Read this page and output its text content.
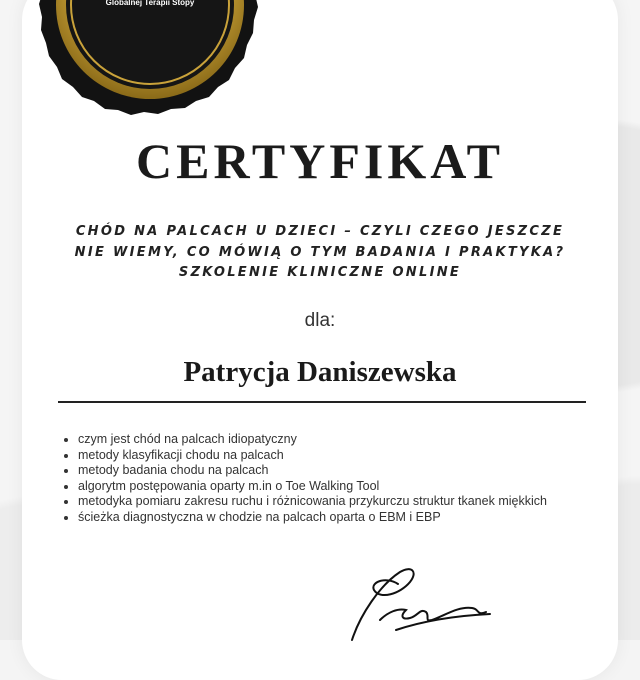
Globalnej Terapii Stopy
CERTYFIKAT
CHÓD NA PALCACH U DZIECI – CZYLI CZEGO JESZCZE
NIE WIEMY, CO MÓWIĄ O TYM BADANIA I PRAKTYKA?
SZKOLENIE KLINICZNE ONLINE
dla:
Patrycja Daniszewska
• czym jest chód na palcach idiopatyczny
• metody klasyfikacji chodu na palcach
• metody badania chodu na palcach
• algorytm postępowania oparty m.in o Toe Walking Tool
• metodyka pomiaru zakresu ruchu i różnicowania przykurczu struktur tkanek miękkich
• ścieżka diagnostyczna w chodzie na palcach oparta o EBM i EBP
